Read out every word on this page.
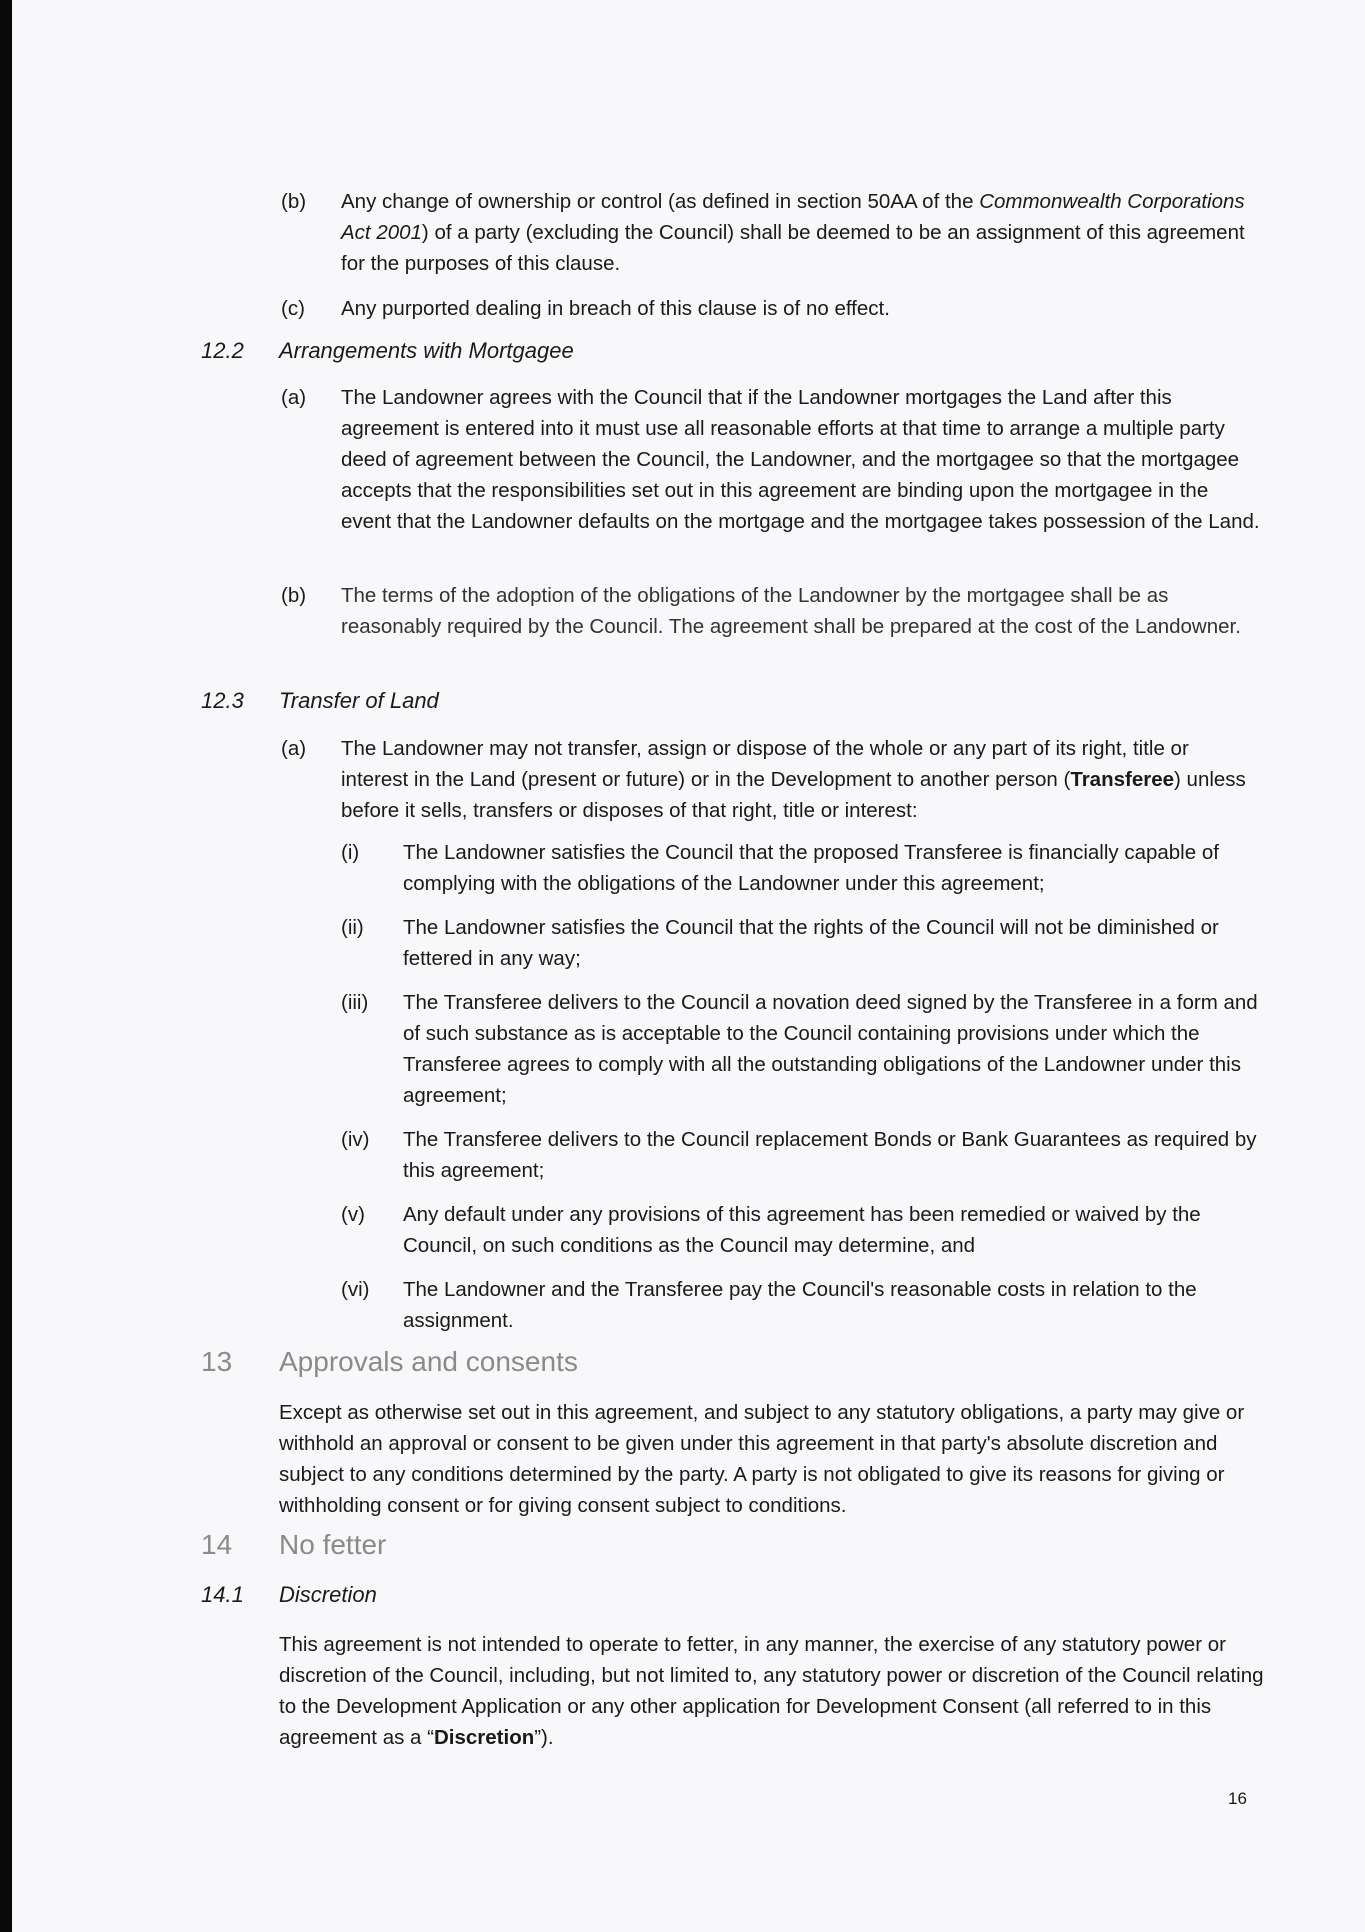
(b) Any change of ownership or control (as defined in section 50AA of the Commonwealth Corporations Act 2001) of a party (excluding the Council) shall be deemed to be an assignment of this agreement for the purposes of this clause.
(c) Any purported dealing in breach of this clause is of no effect.
12.2 Arrangements with Mortgagee
(a) The Landowner agrees with the Council that if the Landowner mortgages the Land after this agreement is entered into it must use all reasonable efforts at that time to arrange a multiple party deed of agreement between the Council, the Landowner, and the mortgagee so that the mortgagee accepts that the responsibilities set out in this agreement are binding upon the mortgagee in the event that the Landowner defaults on the mortgage and the mortgagee takes possession of the Land.
(b) The terms of the adoption of the obligations of the Landowner by the mortgagee shall be as reasonably required by the Council. The agreement shall be prepared at the cost of the Landowner.
12.3 Transfer of Land
(a) The Landowner may not transfer, assign or dispose of the whole or any part of its right, title or interest in the Land (present or future) or in the Development to another person (Transferee) unless before it sells, transfers or disposes of that right, title or interest:
(i) The Landowner satisfies the Council that the proposed Transferee is financially capable of complying with the obligations of the Landowner under this agreement;
(ii) The Landowner satisfies the Council that the rights of the Council will not be diminished or fettered in any way;
(iii) The Transferee delivers to the Council a novation deed signed by the Transferee in a form and of such substance as is acceptable to the Council containing provisions under which the Transferee agrees to comply with all the outstanding obligations of the Landowner under this agreement;
(iv) The Transferee delivers to the Council replacement Bonds or Bank Guarantees as required by this agreement;
(v) Any default under any provisions of this agreement has been remedied or waived by the Council, on such conditions as the Council may determine, and
(vi) The Landowner and the Transferee pay the Council's reasonable costs in relation to the assignment.
13 Approvals and consents
Except as otherwise set out in this agreement, and subject to any statutory obligations, a party may give or withhold an approval or consent to be given under this agreement in that party's absolute discretion and subject to any conditions determined by the party. A party is not obligated to give its reasons for giving or withholding consent or for giving consent subject to conditions.
14 No fetter
14.1 Discretion
This agreement is not intended to operate to fetter, in any manner, the exercise of any statutory power or discretion of the Council, including, but not limited to, any statutory power or discretion of the Council relating to the Development Application or any other application for Development Consent (all referred to in this agreement as a “Discretion”).
16
